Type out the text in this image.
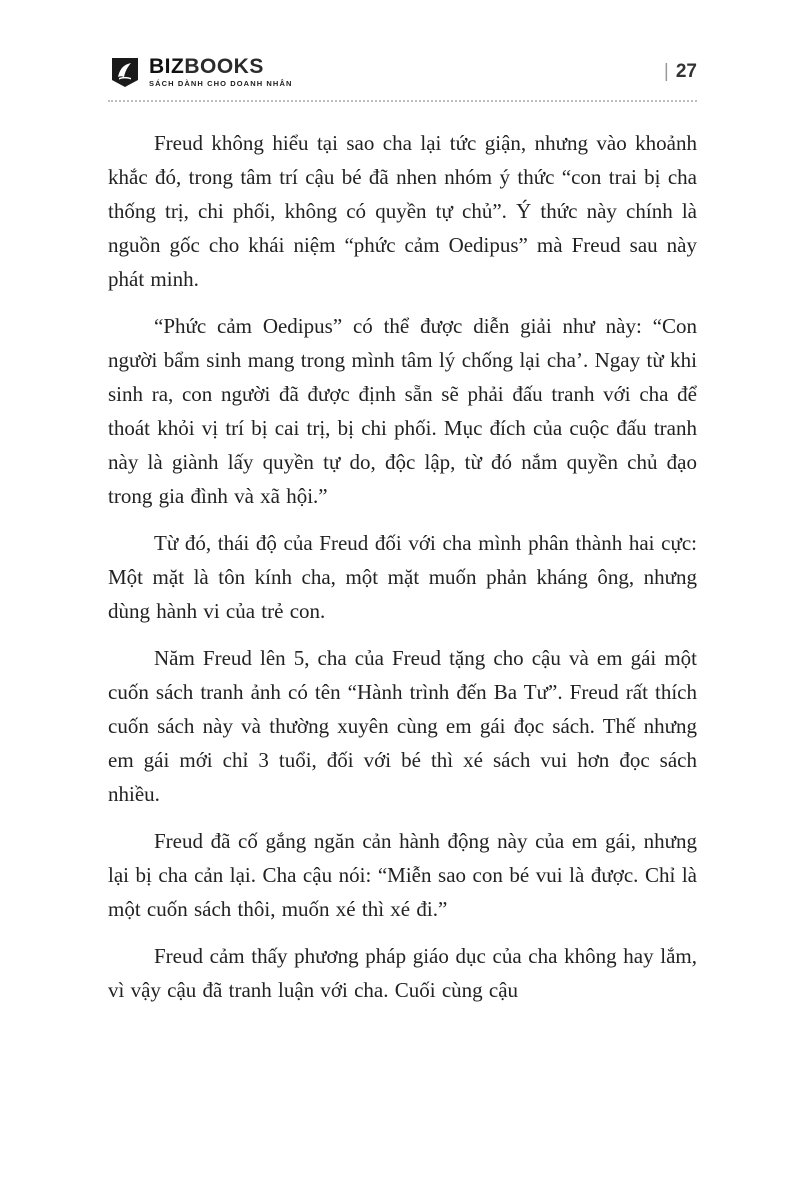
BIZBOOKS
SÁCH DÀNH CHO DOANH NHÂN
| 27

Freud không hiểu tại sao cha lại tức giận, nhưng vào khoảnh khắc đó, trong tâm trí cậu bé đã nhen nhóm ý thức “con trai bị cha thống trị, chi phối, không có quyền tự chủ”. Ý thức này chính là nguồn gốc cho khái niệm “phức cảm Oedipus” mà Freud sau này phát minh.

“Phức cảm Oedipus” có thể được diễn giải như này: “Con người bẩm sinh mang trong mình tâm lý chống lại cha’. Ngay từ khi sinh ra, con người đã được định sẵn sẽ phải đấu tranh với cha để thoát khỏi vị trí bị cai trị, bị chi phối. Mục đích của cuộc đấu tranh này là giành lấy quyền tự do, độc lập, từ đó nắm quyền chủ đạo trong gia đình và xã hội.”

Từ đó, thái độ của Freud đối với cha mình phân thành hai cực: Một mặt là tôn kính cha, một mặt muốn phản kháng ông, nhưng dùng hành vi của trẻ con.

Năm Freud lên 5, cha của Freud tặng cho cậu và em gái một cuốn sách tranh ảnh có tên “Hành trình đến Ba Tư”. Freud rất thích cuốn sách này và thường xuyên cùng em gái đọc sách. Thế nhưng em gái mới chỉ 3 tuổi, đối với bé thì xé sách vui hơn đọc sách nhiều.

Freud đã cố gắng ngăn cản hành động này của em gái, nhưng lại bị cha cản lại. Cha cậu nói: “Miễn sao con bé vui là được. Chỉ là một cuốn sách thôi, muốn xé thì xé đi.”

Freud cảm thấy phương pháp giáo dục của cha không hay lắm, vì vậy cậu đã tranh luận với cha. Cuối cùng cậu
